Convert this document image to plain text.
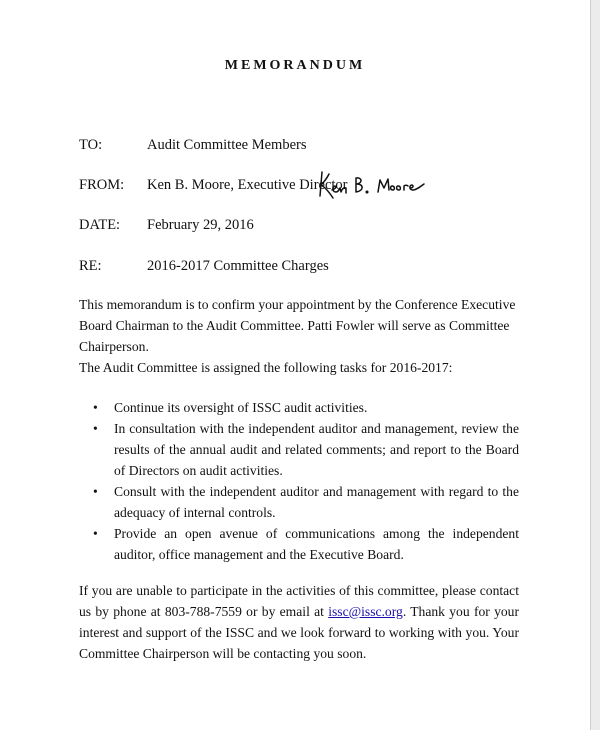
MEMORANDUM
TO:	Audit Committee Members
FROM: Ken B. Moore, Executive Director
DATE: February 29, 2016
RE:	2016-2017 Committee Charges

This memorandum is to confirm your appointment by the Conference Executive Board Chairman to the Audit Committee. Patti Fowler will serve as Committee Chairperson.

The Audit Committee is assigned the following tasks for 2016-2017:

• Continue its oversight of ISSC audit activities.
• In consultation with the independent auditor and management, review the results of the annual audit and related comments; and report to the Board of Directors on audit activities.
• Consult with the independent auditor and management with regard to the adequacy of internal controls.
• Provide an open avenue of communications among the independent auditor, office management and the Executive Board.

If you are unable to participate in the activities of this committee, please contact us by phone at 803-788-7559 or by email at issc@issc.org. Thank you for your interest and support of the ISSC and we look forward to working with you. Your Committee Chairperson will be contacting you soon.
